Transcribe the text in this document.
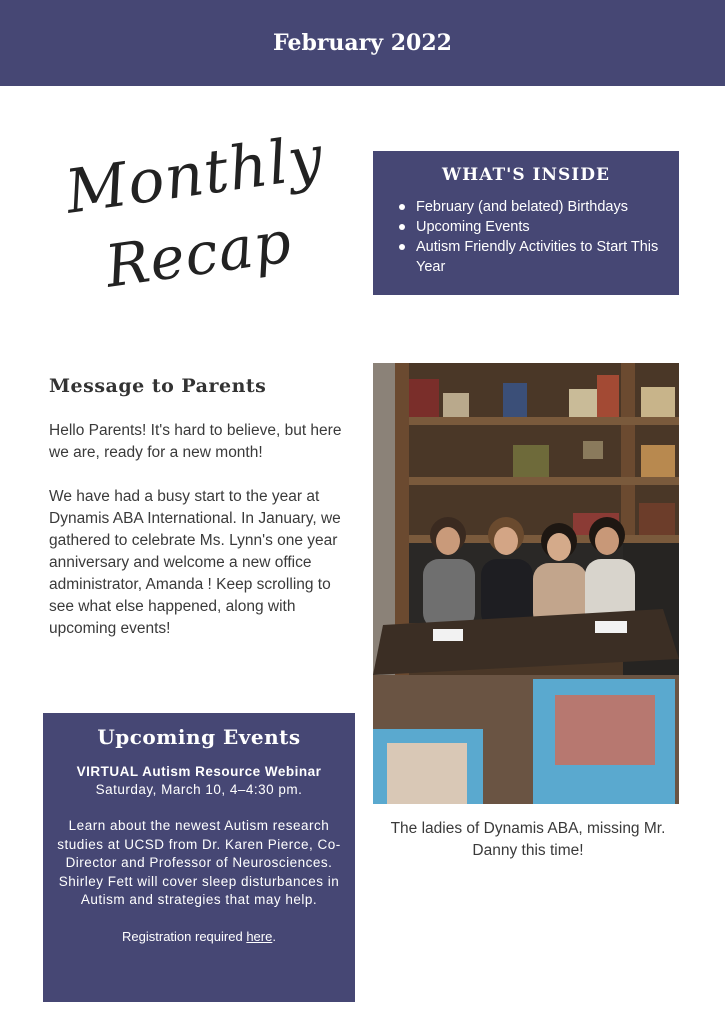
February 2022
Monthly
Recap
WHAT'S INSIDE
February (and belated) Birthdays
Upcoming Events
Autism Friendly Activities to Start This Year
Message to Parents

Hello Parents! It's hard to believe, but here we are, ready for a new month!

We have had a busy start to the year at Dynamis ABA International. In January, we gathered to celebrate Ms. Lynn's one year anniversary and welcome a new office administrator, Amanda ! Keep scrolling to see what else happened, along with upcoming events!

The ladies of Dynamis ABA, missing Mr. Danny this time!
Upcoming Events
VIRTUAL Autism Resource Webinar
Saturday, March 10, 4–4:30 pm.
Learn about the newest Autism research studies at UCSD from Dr. Karen Pierce, Co-Director and Professor of Neurosciences. Shirley Fett will cover sleep disturbances in Autism and strategies that may help.
Registration required here.
